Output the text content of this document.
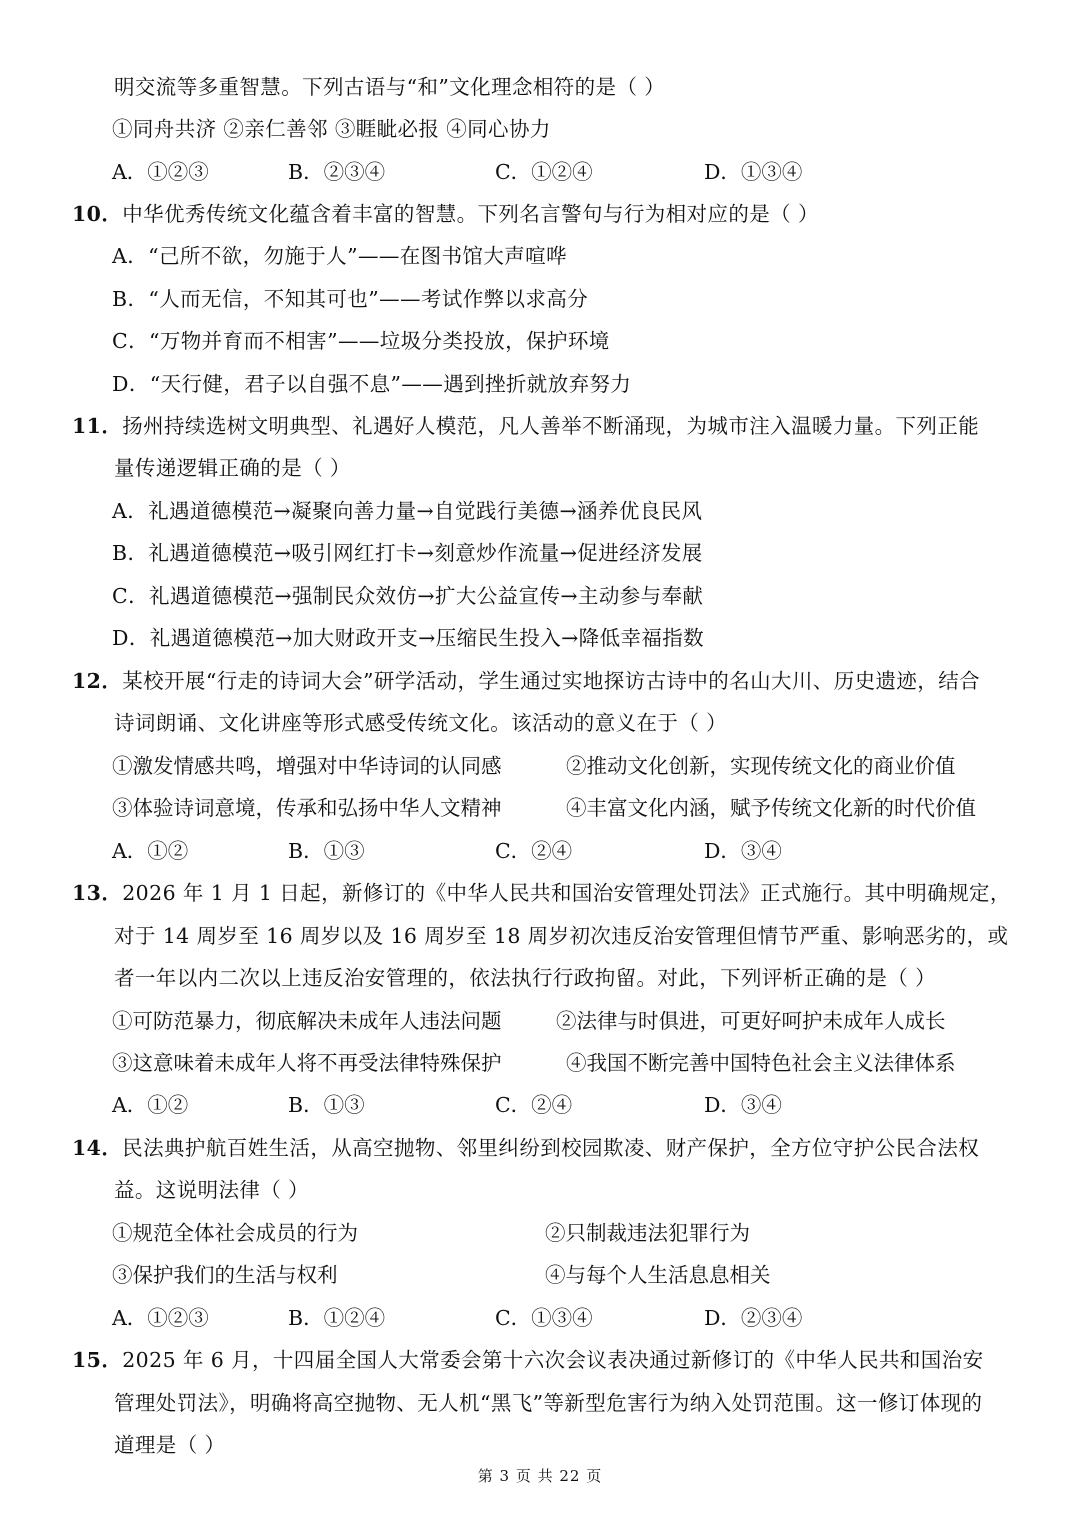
明交流等多重智慧。下列古语与“和”文化理念相符的是（ ）
①同舟共济 ②亲仁善邻 ③睚眦必报 ④同心协力
A．①②③	B．②③④	C．①②④	D．①③④
10．中华优秀传统文化蕴含着丰富的智慧。下列名言警句与行为相对应的是（ ）
A．“己所不欲，勿施于人”——在图书馆大声喧哗
B．“人而无信，不知其可也”——考试作弊以求高分
C．“万物并育而不相害”——垃圾分类投放，保护环境
D．“天行健，君子以自强不息”——遇到挫折就放弃努力
11．扬州持续选树文明典型、礼遇好人模范，凡人善举不断涌现，为城市注入温暖力量。下列正能
量传递逻辑正确的是（ ）
A．礼遇道德模范→凝聚向善力量→自觉践行美德→涵养优良民风
B．礼遇道德模范→吸引网红打卡→刻意炒作流量→促进经济发展
C．礼遇道德模范→强制民众效仿→扩大公益宣传→主动参与奉献
D．礼遇道德模范→加大财政开支→压缩民生投入→降低幸福指数
12．某校开展“行走的诗词大会”研学活动，学生通过实地探访古诗中的名山大川、历史遗迹，结合
诗词朗诵、文化讲座等形式感受传统文化。该活动的意义在于（ ）
①激发情感共鸣，增强对中华诗词的认同感	②推动文化创新，实现传统文化的商业价值
③体验诗词意境，传承和弘扬中华人文精神	④丰富文化内涵，赋予传统文化新的时代价值
A．①②	B．①③	C．②④	D．③④
13．2026 年 1 月 1 日起，新修订的《中华人民共和国治安管理处罚法》正式施行。其中明确规定，
对于 14 周岁至 16 周岁以及 16 周岁至 18 周岁初次违反治安管理但情节严重、影响恶劣的，或
者一年以内二次以上违反治安管理的，依法执行行政拘留。对此，下列评析正确的是（ ）
①可防范暴力，彻底解决未成年人违法问题	②法律与时俱进，可更好呵护未成年人成长
③这意味着未成年人将不再受法律特殊保护	④我国不断完善中国特色社会主义法律体系
A．①②	B．①③	C．②④	D．③④
14．民法典护航百姓生活，从高空抛物、邻里纠纷到校园欺凌、财产保护，全方位守护公民合法权
益。这说明法律（ ）
①规范全体社会成员的行为	②只制裁违法犯罪行为
③保护我们的生活与权利	④与每个人生活息息相关
A．①②③	B．①②④	C．①③④	D．②③④
15．2025 年 6 月，十四届全国人大常委会第十六次会议表决通过新修订的《中华人民共和国治安
管理处罚法》，明确将高空抛物、无人机“黑飞”等新型危害行为纳入处罚范围。这一修订体现的
道理是（ ）
第 3 页 共 22 页
